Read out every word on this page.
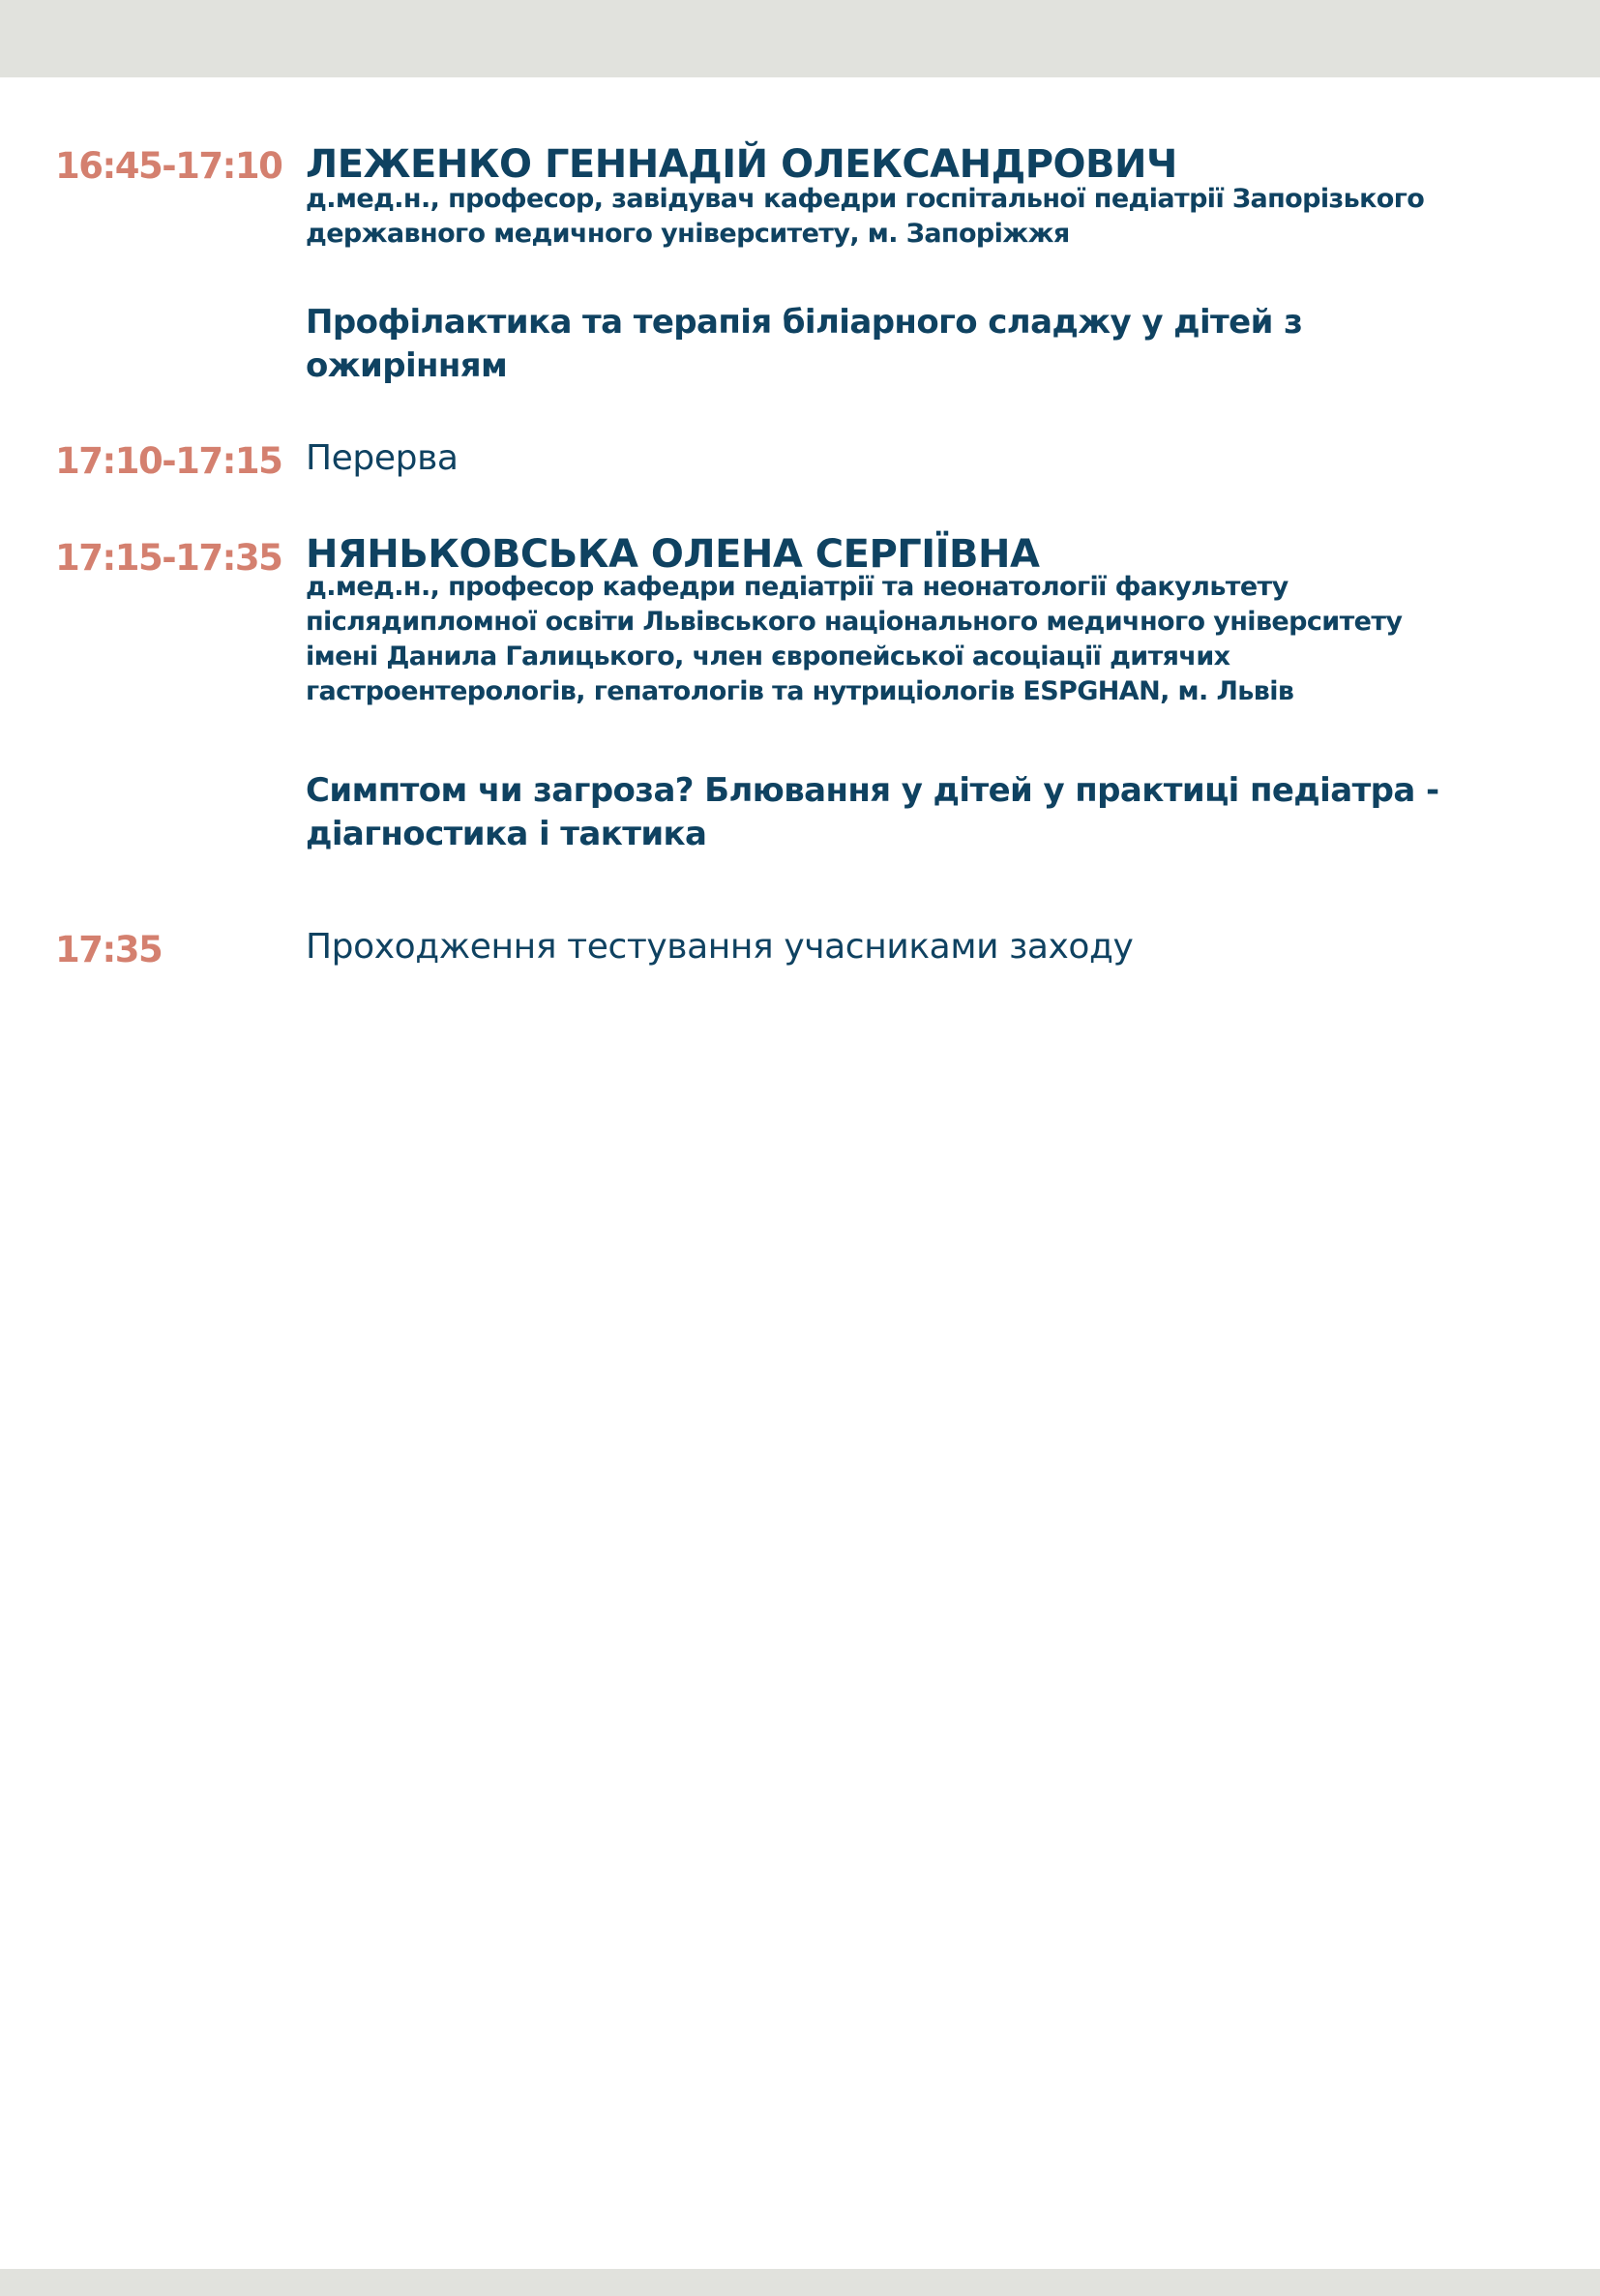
16:45-17:10 ЛЕЖЕНКО ГЕННАДІЙ ОЛЕКСАНДРОВИЧ
д.мед.н., професор, завідувач кафедри госпітальної педіатрії Запорізького
державного медичного університету, м. Запоріжжя
Профілактика та терапія біліарного сладжу у дітей з
ожирінням
17:10-17:15 Перерва
17:15-17:35 НЯНЬКОВСЬКА ОЛЕНА СЕРГІЇВНА
д.мед.н., професор кафедри педіатрії та неонатології факультету
післядипломної освіти Львівського національного медичного університету
імені Данила Галицького, член європейської асоціації дитячих
гастроентерологів, гепатологів та нутриціологів ESPGHAN, м. Львів
Симптом чи загроза? Блювання у дітей у практиці педіатра -
діагностика і тактика
17:35	Проходження тестування учасниками заходу
